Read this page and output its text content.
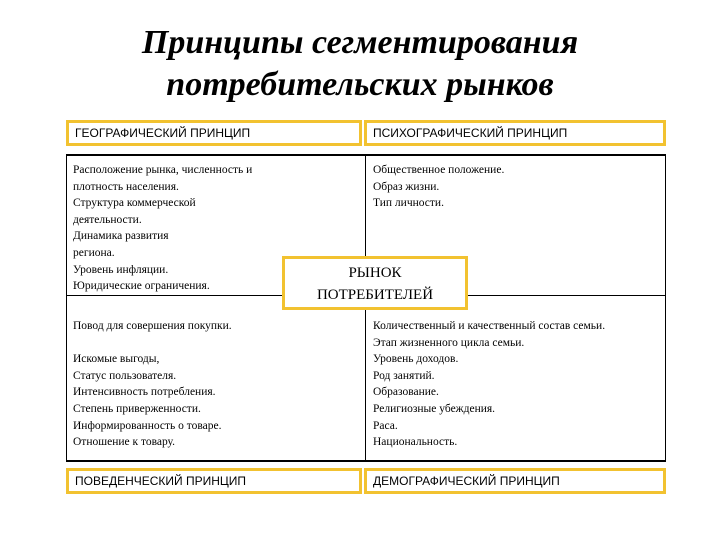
Принципы сегментирования
потребительских рынков
ГЕОГРАФИЧЕСКИЙ ПРИНЦИП	ПСИХОГРАФИЧЕСКИЙ ПРИНЦИП
Расположение рынка, численность и
плотность населения.
Структура коммерческой
деятельности.
Динамика развития
региона.
Уровень инфляции.
Юридические ограничения.
Общественное положение.
Образ жизни.
Тип личности.
Повод для совершения покупки.

Искомые выгоды,
Статус пользователя.
Интенсивность потребления.
Степень приверженности.
Информированность о товаре.
Отношение к товару.
Количественный и качественный состав семьи.
Этап жизненного цикла семьи.
Уровень доходов.
Род занятий.
Образование.
Религиозные убеждения.
Раса.
Национальность.
РЫНОК
ПОТРЕБИТЕЛЕЙ
ПОВЕДЕНЧЕСКИЙ ПРИНЦИП	ДЕМОГРАФИЧЕСКИЙ ПРИНЦИП
